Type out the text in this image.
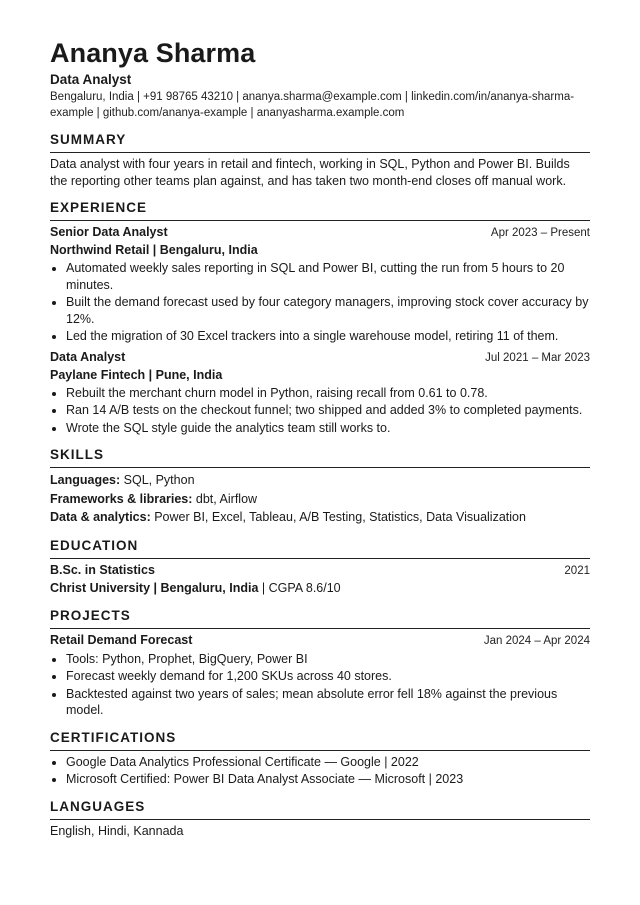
Ananya Sharma
Data Analyst
Bengaluru, India | +91 98765 43210 | ananya.sharma@example.com | linkedin.com/in/ananya-sharma-example | github.com/ananya-example | ananyasharma.example.com
SUMMARY
Data analyst with four years in retail and fintech, working in SQL, Python and Power BI. Builds the reporting other teams plan against, and has taken two month-end closes off manual work.
EXPERIENCE
Senior Data Analyst	Apr 2023 – Present
Northwind Retail | Bengaluru, India
• Automated weekly sales reporting in SQL and Power BI, cutting the run from 5 hours to 20 minutes.
• Built the demand forecast used by four category managers, improving stock cover accuracy by 12%.
• Led the migration of 30 Excel trackers into a single warehouse model, retiring 11 of them.
Data Analyst	Jul 2021 – Mar 2023
Paylane Fintech | Pune, India
• Rebuilt the merchant churn model in Python, raising recall from 0.61 to 0.78.
• Ran 14 A/B tests on the checkout funnel; two shipped and added 3% to completed payments.
• Wrote the SQL style guide the analytics team still works to.
SKILLS
Languages: SQL, Python
Frameworks & libraries: dbt, Airflow
Data & analytics: Power BI, Excel, Tableau, A/B Testing, Statistics, Data Visualization
EDUCATION
B.Sc. in Statistics	2021
Christ University | Bengaluru, India | CGPA 8.6/10
PROJECTS
Retail Demand Forecast	Jan 2024 – Apr 2024
• Tools: Python, Prophet, BigQuery, Power BI
• Forecast weekly demand for 1,200 SKUs across 40 stores.
• Backtested against two years of sales; mean absolute error fell 18% against the previous model.
CERTIFICATIONS
• Google Data Analytics Professional Certificate — Google | 2022
• Microsoft Certified: Power BI Data Analyst Associate — Microsoft | 2023
LANGUAGES
English, Hindi, Kannada
